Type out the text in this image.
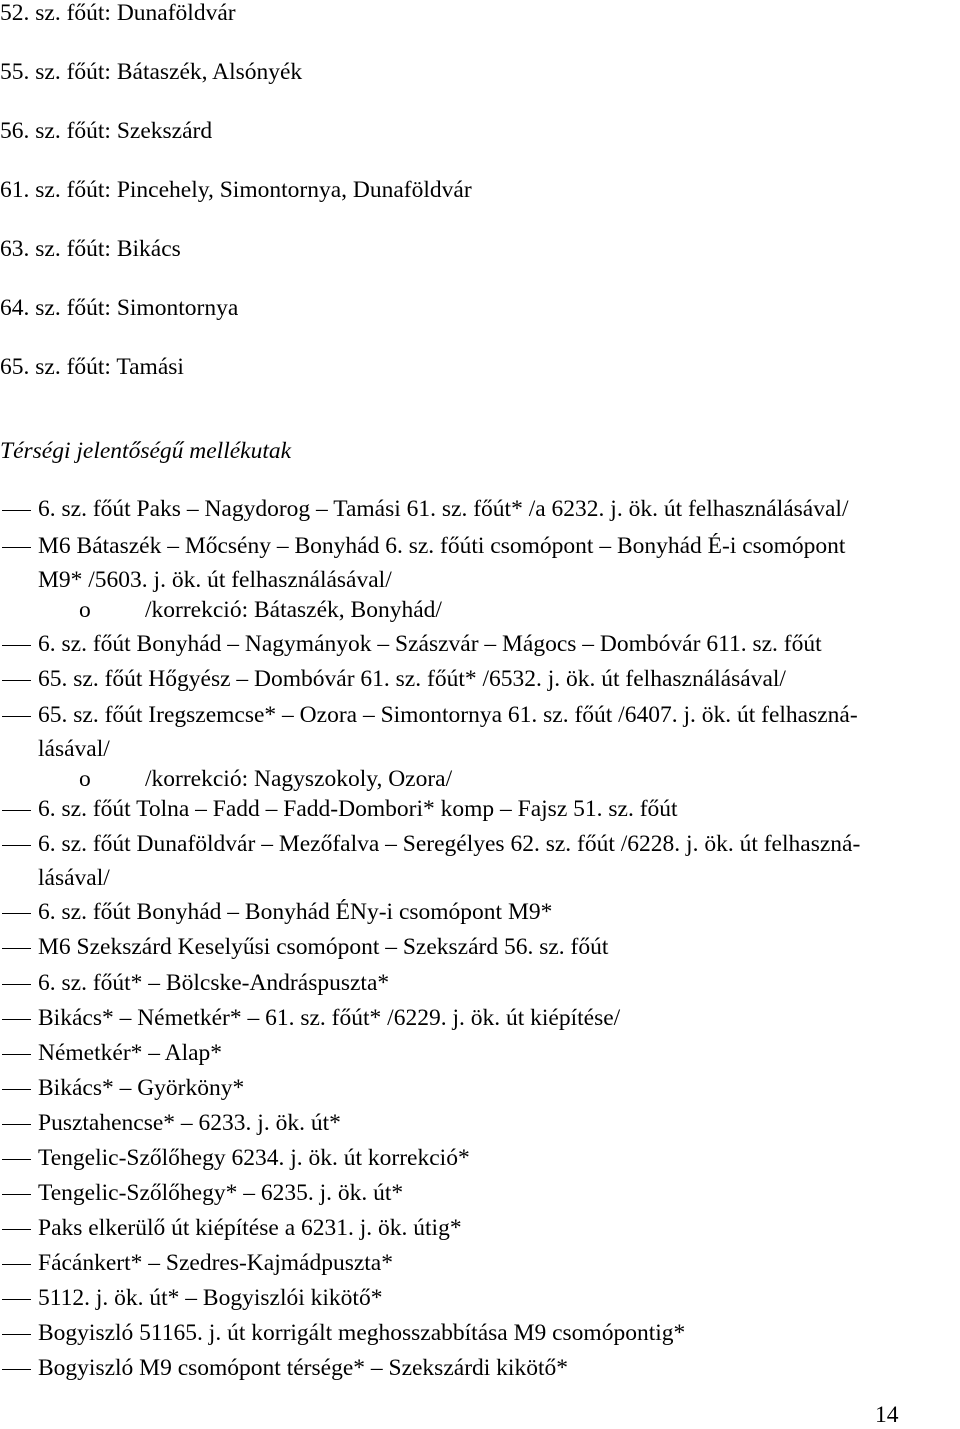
52. sz. főút: Dunaföldvár
55. sz. főút: Bátaszék, Alsónyék
56. sz. főút: Szekszárd
61. sz. főút: Pincehely, Simontornya, Dunaföldvár
63. sz. főút: Bikács
64. sz. főút: Simontornya
65. sz. főút: Tamási
Térségi jelentőségű mellékutak
6. sz. főút Paks – Nagydorog – Tamási 61. sz. főút* /a 6232. j. ök. út felhasználásával/
M6 Bátaszék – Mőcsény – Bonyhád 6. sz. főúti csomópont – Bonyhád É-i csomópont
M9* /5603. j. ök. út felhasználásával/
o /korrekció: Bátaszék, Bonyhád/
6. sz. főút Bonyhád – Nagymányok – Szászvár – Mágocs – Dombóvár 611. sz. főút
65. sz. főút Hőgyész – Dombóvár 61. sz. főút* /6532. j. ök. út felhasználásával/
65. sz. főút Iregszemcse* – Ozora – Simontornya 61. sz. főút /6407. j. ök. út felhaszná-
lásával/
o /korrekció: Nagyszokoly, Ozora/
6. sz. főút Tolna – Fadd – Fadd-Dombori* komp – Fajsz 51. sz. főút
6. sz. főút Dunaföldvár – Mezőfalva – Seregélyes 62. sz. főút /6228. j. ök. út felhaszná-
lásával/
6. sz. főút Bonyhád – Bonyhád ÉNy-i csomópont M9*
M6 Szekszárd Keselyűsi csomópont – Szekszárd 56. sz. főút
6. sz. főút* – Bölcske-Andráspuszta*
Bikács* – Németkér* – 61. sz. főút* /6229. j. ök. út kiépítése/
Németkér* – Alap*
Bikács* – Györköny*
Pusztahencse* – 6233. j. ök. út*
Tengelic-Szőlőhegy 6234. j. ök. út korrekció*
Tengelic-Szőlőhegy* – 6235. j. ök. út*
Paks elkerülő út kiépítése a 6231. j. ök. útig*
Fácánkert* – Szedres-Kajmádpuszta*
5112. j. ök. út* – Bogyiszlói kikötő*
Bogyiszló 51165. j. út korrigált meghosszabbítása M9 csomópontig*
Bogyiszló M9 csomópont térsége* – Szekszárdi kikötő*
14
